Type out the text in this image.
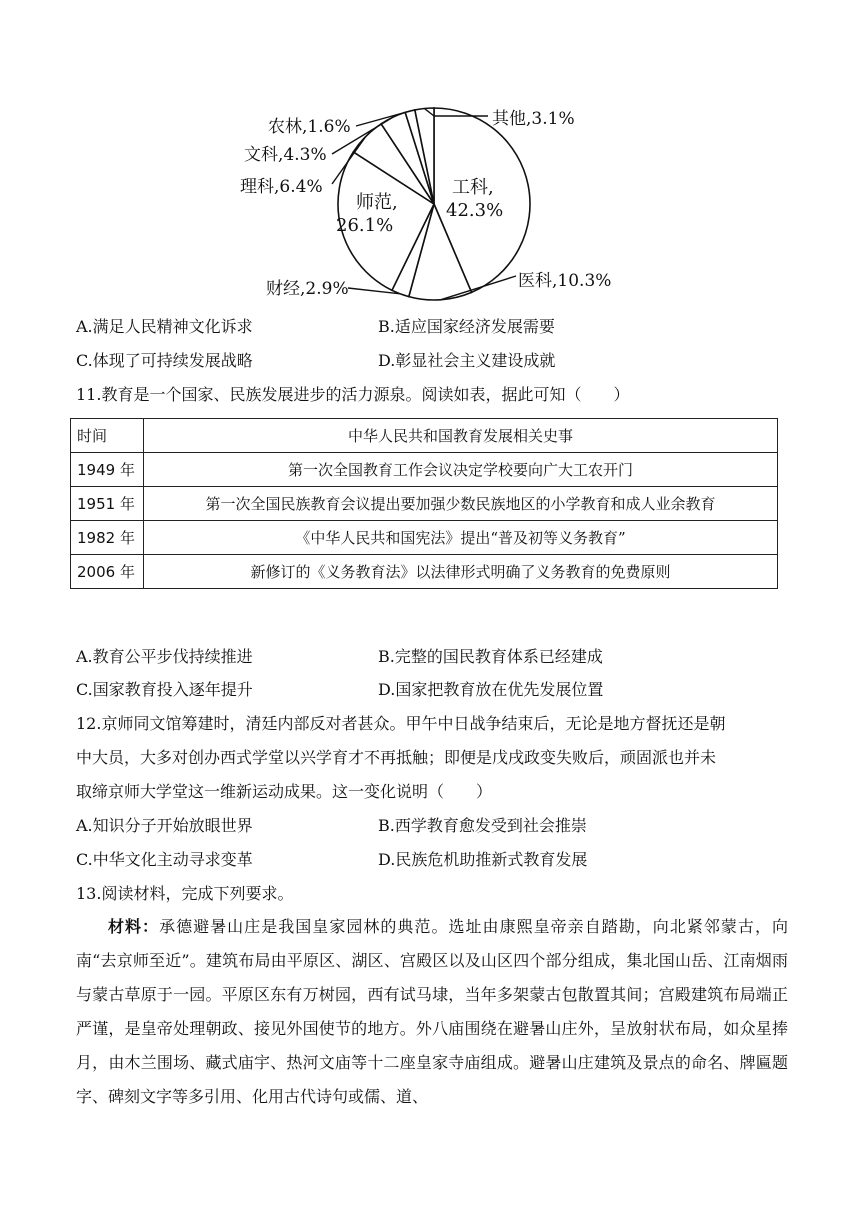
工科,
42.3%
师范,
26.1%
医科,10.3%
财经,2.9%
理科,6.4%
文科,4.3%
农林,1.6%	其他,3.1%
A.满足人民精神文化诉求	B.适应国家经济发展需要
C.体现了可持续发展战略	D.彰显社会主义建设成就
11.教育是一个国家、民族发展进步的活力源泉。阅读如表，据此可知（　　）
时间	中华人民共和国教育发展相关史事
1949 年	第一次全国教育工作会议决定学校要向广大工农开门
1951 年	第一次全国民族教育会议提出要加强少数民族地区的小学教育和成人业余教育
1982 年	《中华人民共和国宪法》提出“普及初等义务教育”
2006 年	新修订的《义务教育法》以法律形式明确了义务教育的免费原则
A.教育公平步伐持续推进	B.完整的国民教育体系已经建成
C.国家教育投入逐年提升	D.国家把教育放在优先发展位置
12.京师同文馆筹建时，清廷内部反对者甚众。甲午中日战争结束后，无论是地方督抚还是朝
中大员，大多对创办西式学堂以兴学育才不再抵触；即便是戊戌政变失败后，顽固派也并未
取缔京师大学堂这一维新运动成果。这一变化说明（　　）
A.知识分子开始放眼世界	B.西学教育愈发受到社会推崇
C.中华文化主动寻求变革	D.民族危机助推新式教育发展
13.阅读材料，完成下列要求。
材料：承德避暑山庄是我国皇家园林的典范。选址由康熙皇帝亲自踏勘，向北紧邻蒙古，向南“去京师至近”。建筑布局由平原区、湖区、宫殿区以及山区四个部分组成，集北国山岳、江南烟雨与蒙古草原于一园。平原区东有万树园，西有试马埭，当年多架蒙古包散置其间；宫殿建筑布局端正严谨，是皇帝处理朝政、接见外国使节的地方。外八庙围绕在避暑山庄外，呈放射状布局，如众星捧月，由木兰围场、藏式庙宇、热河文庙等十二座皇家寺庙组成。避暑山庄建筑及景点的命名、牌匾题字、碑刻文字等多引用、化用古代诗句或儒、道、
